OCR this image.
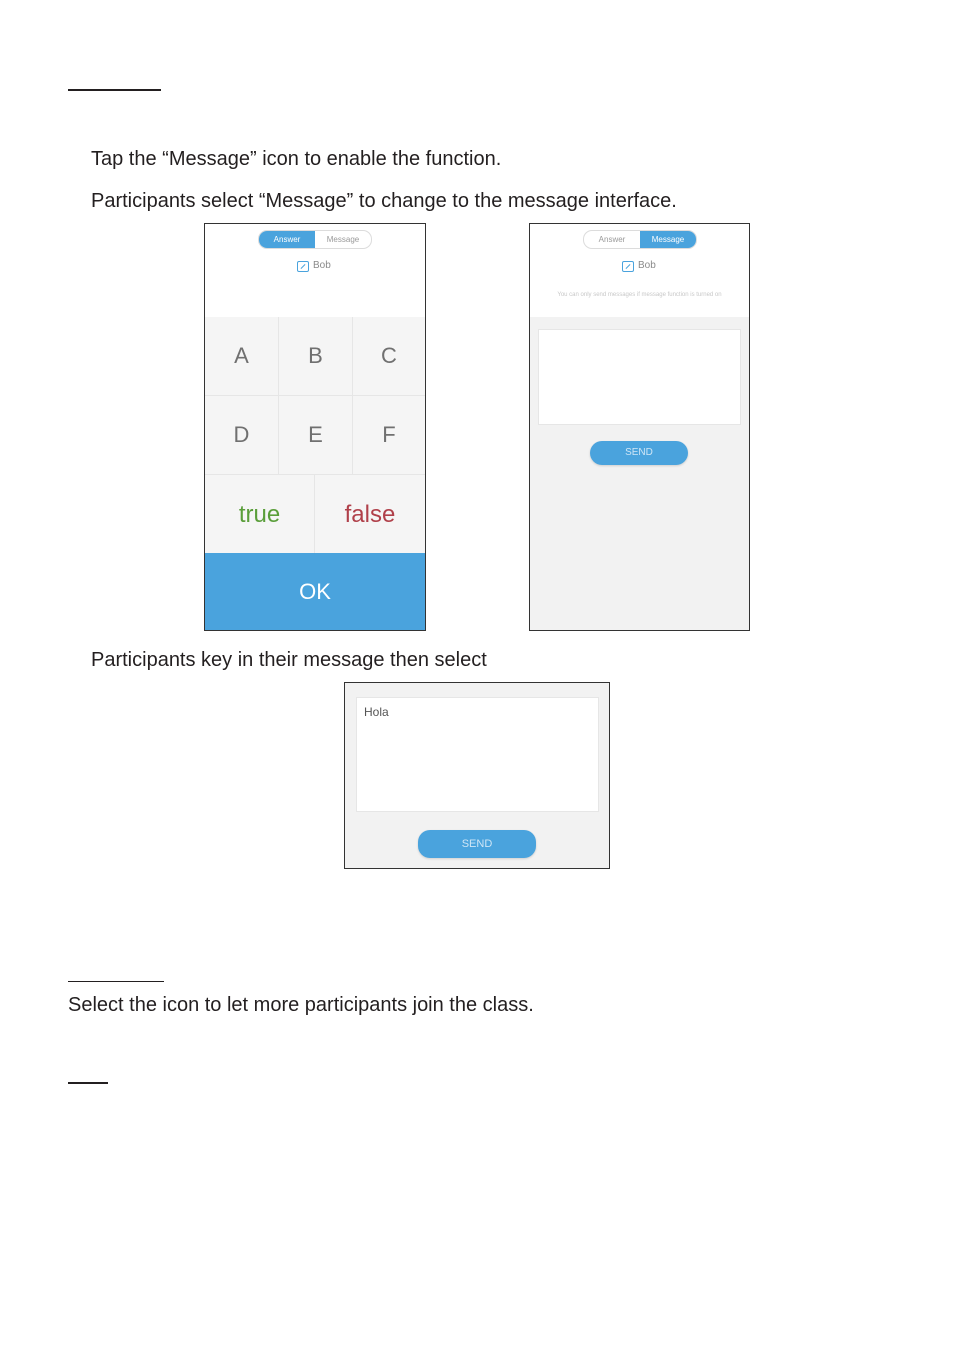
Tap the “Message” icon to enable the function.
Participants select “Message” to change to the message interface.
Answer	Message
Bob
A	B	C
D	E	F
true	false
OK
Answer	Message
Bob
You can only send messages if message function is turned on
SEND
Participants key in their message then select
Hola
SEND
Select the icon to let more participants join the class.
